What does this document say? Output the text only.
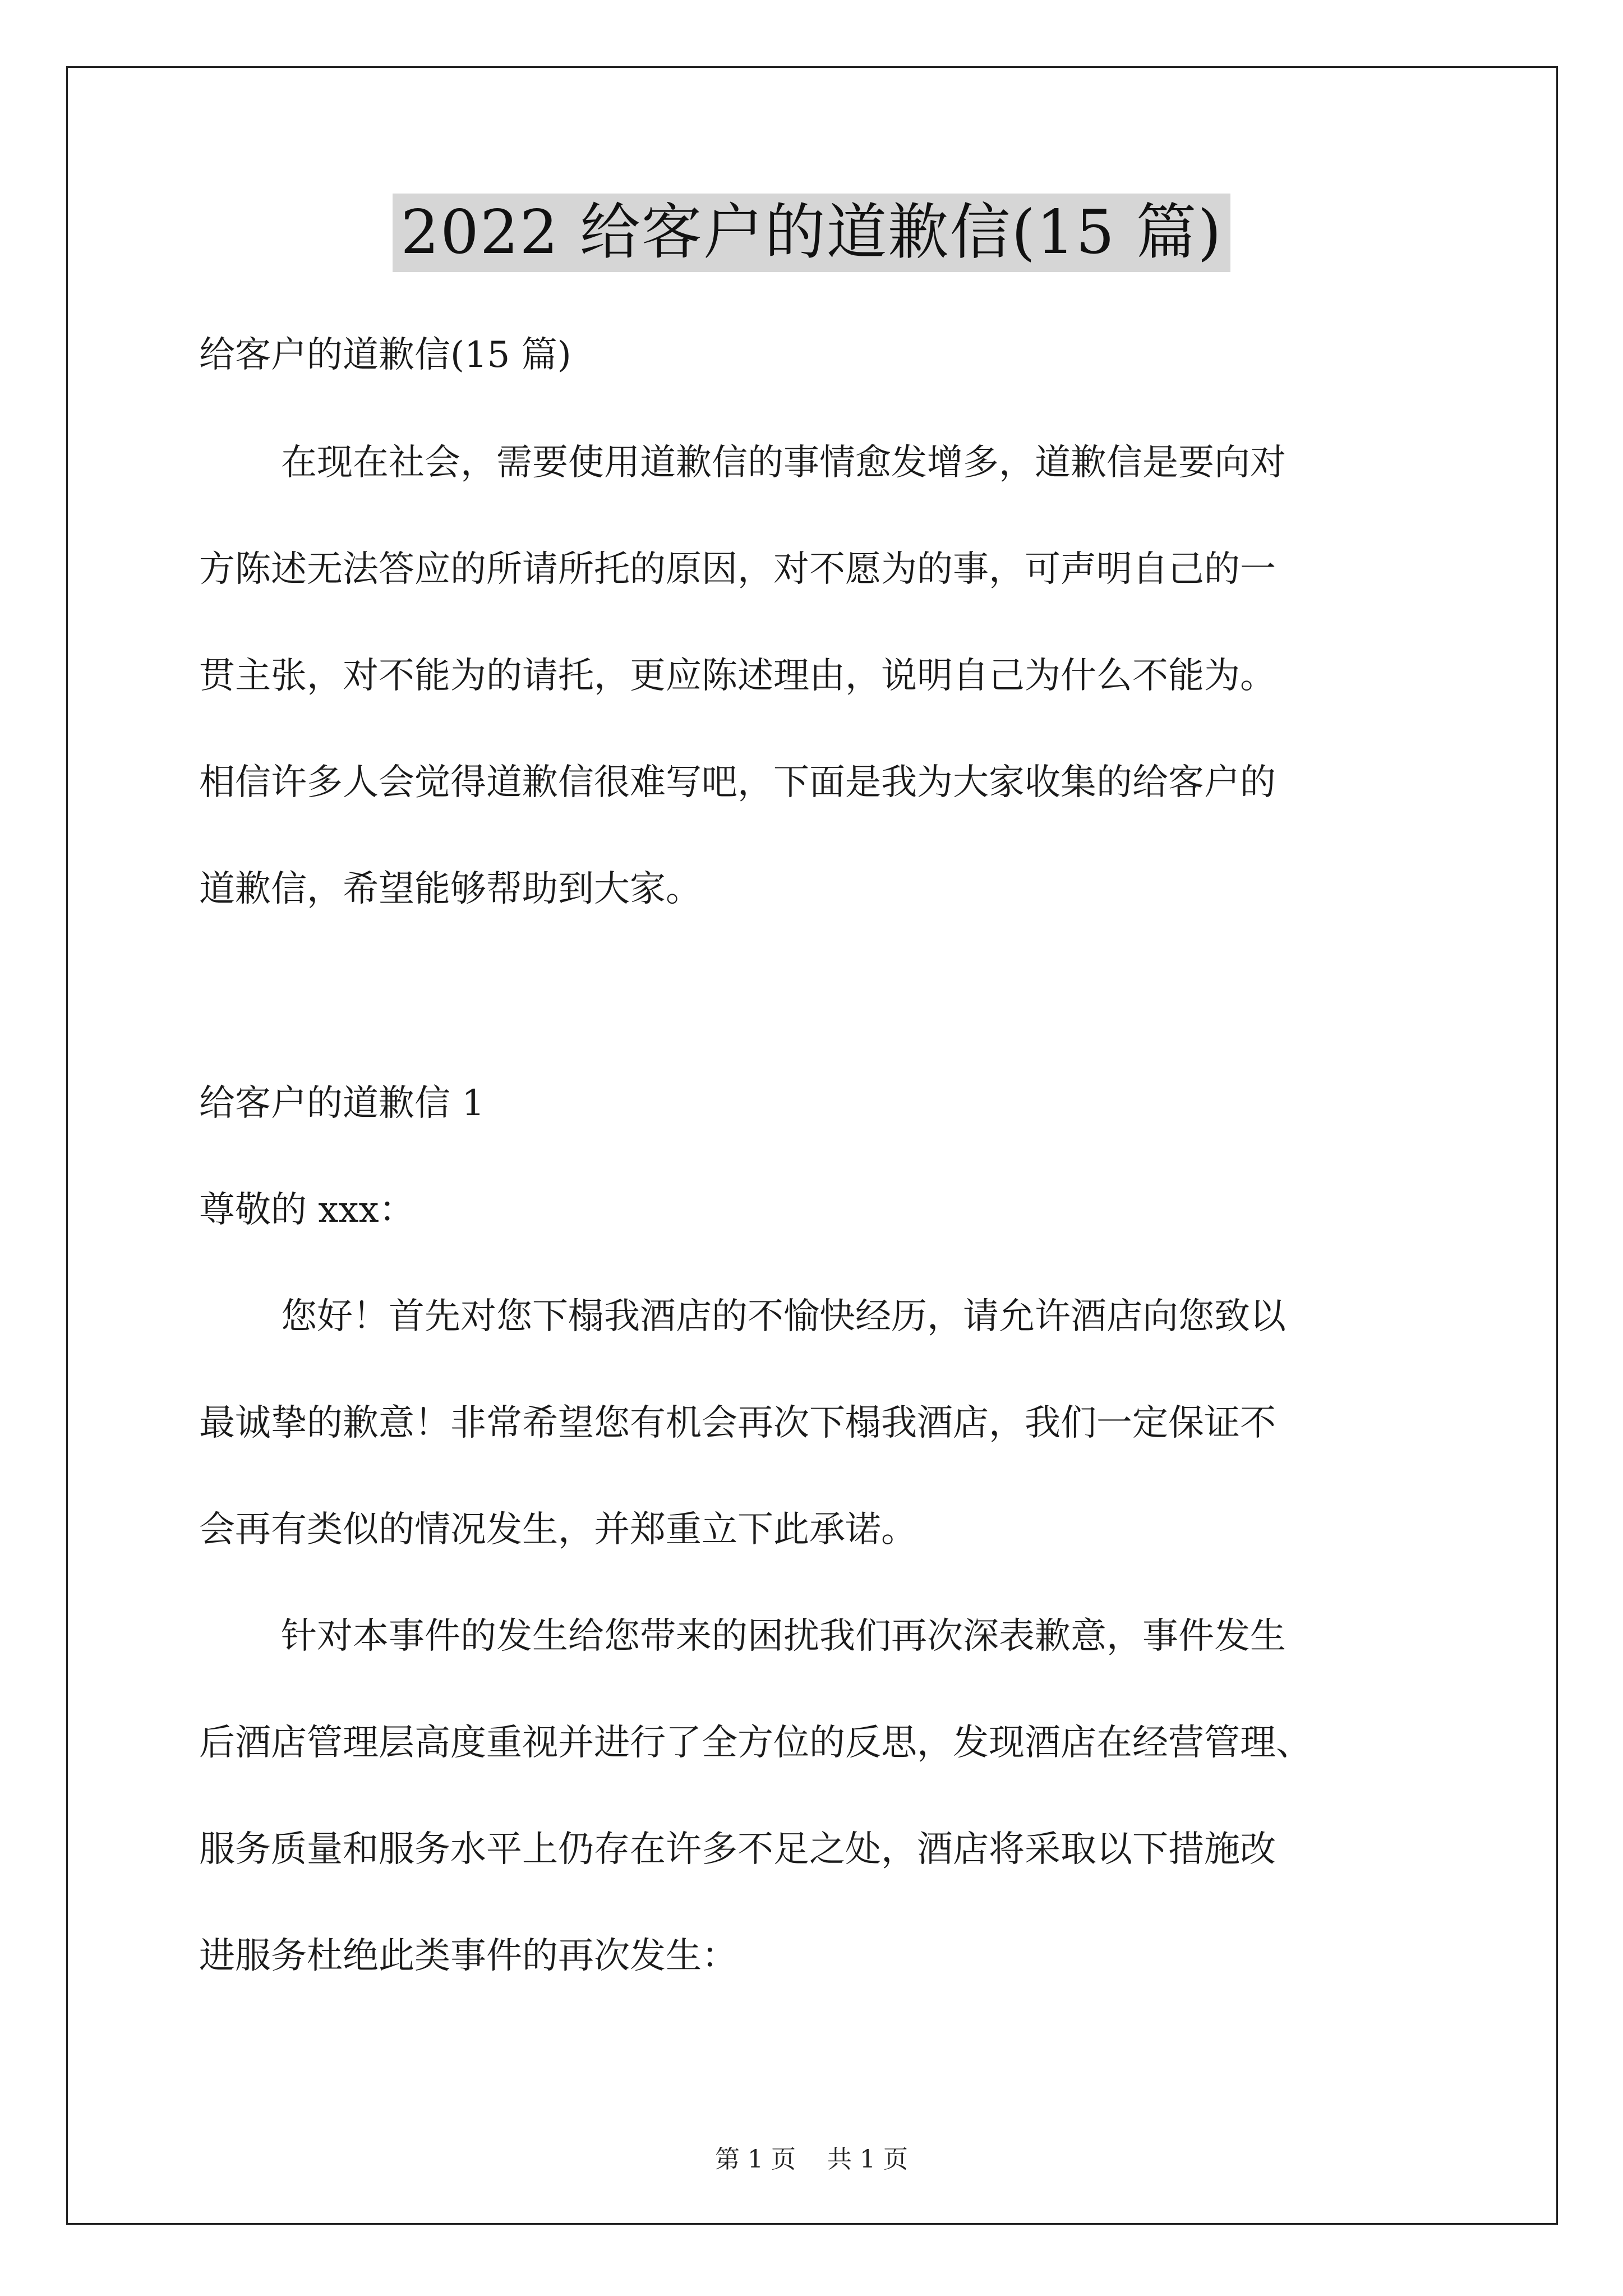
2022 给客户的道歉信(15 篇)

给客户的道歉信(15 篇)

在现在社会，需要使用道歉信的事情愈发增多，道歉信是要向对

方陈述无法答应的所请所托的原因，对不愿为的事，可声明自己的一

贯主张，对不能为的请托，更应陈述理由，说明自己为什么不能为。

相信许多人会觉得道歉信很难写吧，下面是我为大家收集的给客户的

道歉信，希望能够帮助到大家。

给客户的道歉信 1

尊敬的 xxx：

您好！首先对您下榻我酒店的不愉快经历，请允许酒店向您致以

最诚挚的歉意！非常希望您有机会再次下榻我酒店，我们一定保证不

会再有类似的情况发生，并郑重立下此承诺。

针对本事件的发生给您带来的困扰我们再次深表歉意，事件发生

后酒店管理层高度重视并进行了全方位的反思，发现酒店在经营管理、

服务质量和服务水平上仍存在许多不足之处，酒店将采取以下措施改

进服务杜绝此类事件的再次发生：

第 1 页 共 1 页
